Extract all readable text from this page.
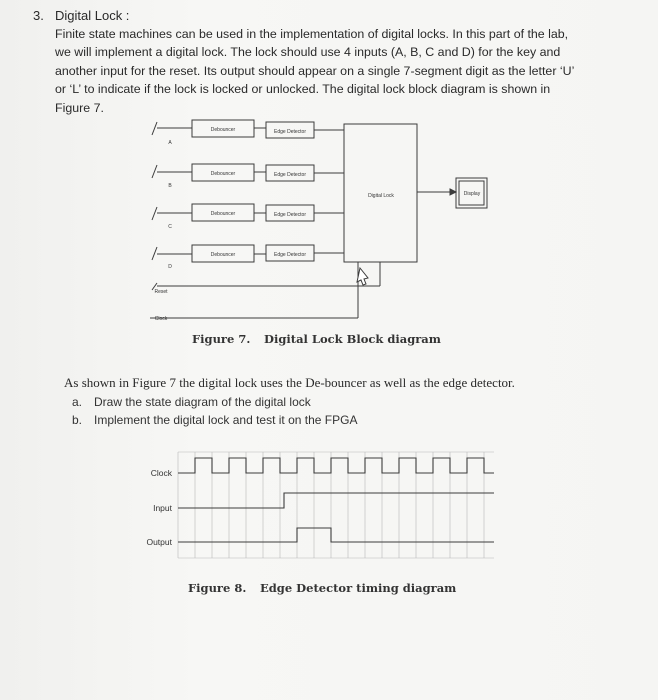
3. Digital Lock :
Finite state machines can be used in the implementation of digital locks. In this part of the lab,
we will implement a digital lock. The lock should use 4 inputs (A, B, C and D) for the key and
another input for the reset. Its output should appear on a single 7-segment digit as the letter ‘U’
or ‘L’ to indicate if the lock is locked or unlocked. The digital lock block diagram is shown in
Figure 7.
A
B
C
D
Debouncer
Debouncer
Debouncer
Debouncer
Edge Detector
Edge Detector
Edge Detector
Edge Detector
Digital Lock	Display
Reset
Clock
Figure 7. Digital Lock Block diagram
As shown in Figure 7 the digital lock uses the De-bouncer as well as the edge detector.
a. Draw the state diagram of the digital lock
b. Implement the digital lock and test it on the FPGA
Clock
Input
Output
Figure 8. Edge Detector timing diagram
